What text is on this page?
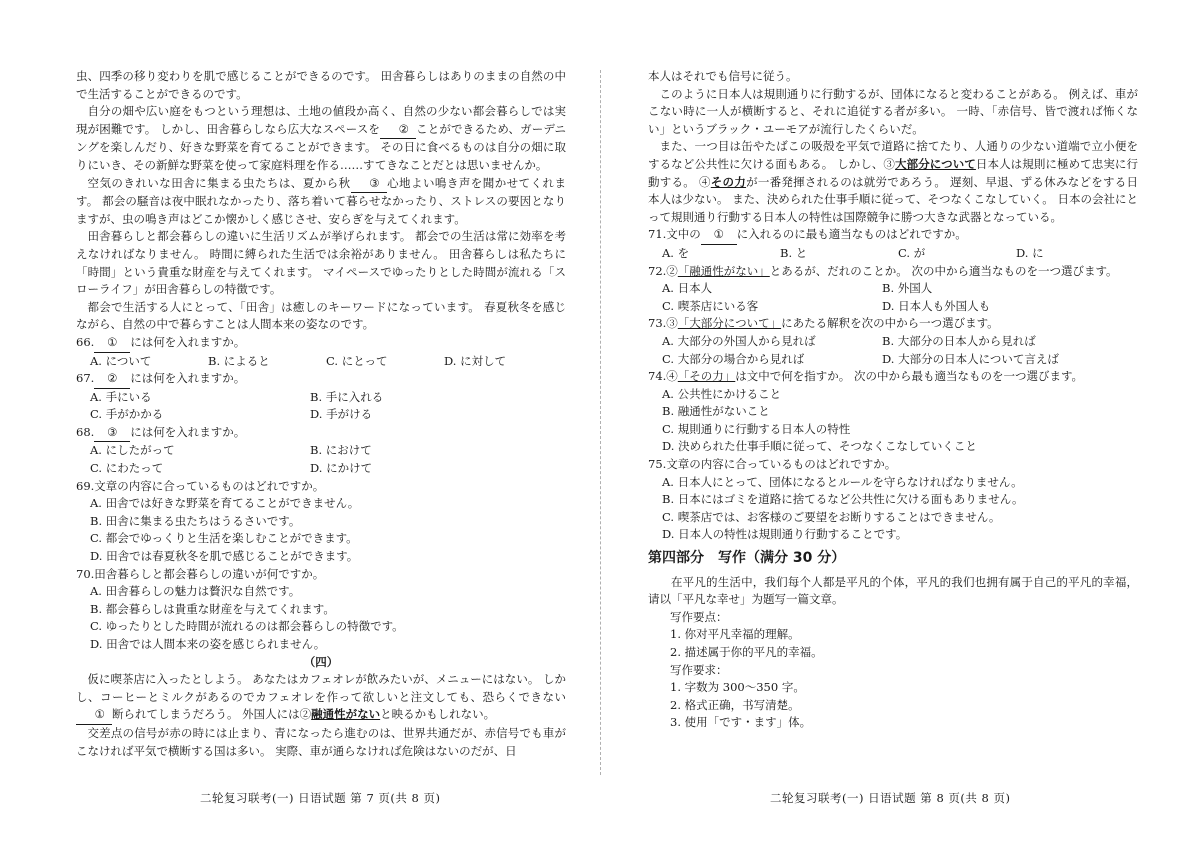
虫、四季の移り変わりを肌で感じることができるのです。 田舎暮らしはありのままの自然の中で生活することができるのです。

自分の畑や広い庭をもつという理想は、土地の値段か高く、自然の少ない都会暮らしでは実現が困難です。 しかし、田舎暮らしなら広大なスペースを ② ことができるため、ガーデニングを楽しんだり、好きな野菜を育てることができます。 その日に食べるものは自分の畑に取りにいき、その新鮮な野菜を使って家庭料理を作る……すてきなことだとは思いませんか。

空気のきれいな田舎に集まる虫たちは、夏から秋 ③ 心地よい鳴き声を聞かせてくれます。 都会の騒音は夜中眠れなかったり、落ち着いて暮らせなかったり、ストレスの要因となりますが、虫の鳴き声はどこか懐かしく感じさせ、安らぎを与えてくれます。

田舎暮らしと都会暮らしの違いに生活リズムが挙げられます。 都会での生活は常に効率を考えなければなりません。 時間に縛られた生活では余裕がありません。 田舎暮らしは私たちに「時間」という貴重な財産を与えてくれます。 マイペースでゆったりとした時間が流れる「スローライフ」が田舎暮らしの特徴です。

都会で生活する人にとって、「田舎」は癒しのキーワードになっています。 春夏秋冬を感じながら、自然の中で暮らすことは人間本来の姿なのです。

66. ① には何を入れますか。
A. について	B. によると	C. にとって	D. に対して
67. ② には何を入れますか。
A. 手にいる	B. 手に入れる
C. 手がかかる	D. 手がける
68. ③ には何を入れますか。
A. にしたがって	B. におけて
C. にわたって	D. にかけて
69.文章の内容に合っているものはどれですか。
A. 田舎では好きな野菜を育てることができません。
B. 田舎に集まる虫たちはうるさいです。
C. 都会でゆっくりと生活を楽しむことができます。
D. 田舎では春夏秋冬を肌で感じることができます。
70.田舎暮らしと都会暮らしの違いが何ですか。
A. 田舎暮らしの魅力は贅沢な自然です。
B. 都会暮らしは貴重な財産を与えてくれます。
C. ゆったりとした時間が流れるのは都会暮らしの特徴です。
D. 田舎では人間本来の姿を感じられません。
（四）

仮に喫茶店に入ったとしよう。 あなたはカフェオレが飲みたいが、メニューにはない。 しかし、コーヒーとミルクがあるのでカフェオレを作って欲しいと注文しても、恐らくできない① 断られてしまうだろう。 外国人には②融通性がないと映るかもしれない。

交差点の信号が赤の時には止まり、青になったら進むのは、世界共通だが、赤信号でも車がこなければ平気で横断する国は多い。 実際、車が通らなければ危険はないのだが、日

本人はそれでも信号に従う。

このように日本人は規則通りに行動するが、団体になると変わることがある。 例えば、車がこない時に一人が横断すると、それに追従する者が多い。 一時、「赤信号、皆で渡れば怖くない」というブラック・ユーモアが流行したくらいだ。

また、一つ目は缶やたばこの吸殻を平気で道路に捨てたり、人通りの少ない道端で立小便をするなど公共性に欠ける面もある。 しかし、③大部分について日本人は規則に極めて忠実に行動する。 ④その力が一番発揮されるのは就労であろう。 遅刻、早退、ずる休みなどをする日本人は少ない。 また、決められた仕事手順に従って、そつなくこなしていく。 日本の会社にとって規則通り行動する日本人の特性は国際競争に勝つ大きな武器となっている。

71.文中の ① に入れるのに最も適当なものはどれですか。
A. を	B. と	C. が	D. に
72.②「融通性がない」とあるが、だれのことか。 次の中から適当なものを一つ選びます。
A. 日本人	B. 外国人
C. 喫茶店にいる客	D. 日本人も外国人も
73.③「大部分について」にあたる解釈を次の中から一つ選びます。
A. 大部分の外国人から見れば	B. 大部分の日本人から見れば
C. 大部分の場合から見れば	D. 大部分の日本人について言えば
74.④「その力」は文中で何を指すか。 次の中から最も適当なものを一つ選びます。
A. 公共性にかけること
B. 融通性がないこと
C. 規則通りに行動する日本人の特性
D. 決められた仕事手順に従って、そつなくこなしていくこと
75.文章の内容に合っているものはどれですか。
A. 日本人にとって、団体になるとルールを守らなければなりません。
B. 日本にはゴミを道路に捨てるなど公共性に欠ける面もありません。
C. 喫茶店では、お客様のご要望をお断りすることはできません。
D. 日本人の特性は規則通り行動することです。
第四部分　写作（满分 30 分）

在平凡的生活中，我们每个人都是平凡的个体，平凡的我们也拥有属于自己的平凡的幸福，请以「平凡な幸せ」为题写一篇文章。

写作要点：
1. 你对平凡幸福的理解。
2. 描述属于你的平凡的幸福。
写作要求：
1. 字数为 300～350 字。
2. 格式正确，书写清楚。
3. 使用「です・ます」体。
二轮复习联考(一) 日语试题 第 7 页(共 8 页)	二轮复习联考(一) 日语试题 第 8 页(共 8 页)
